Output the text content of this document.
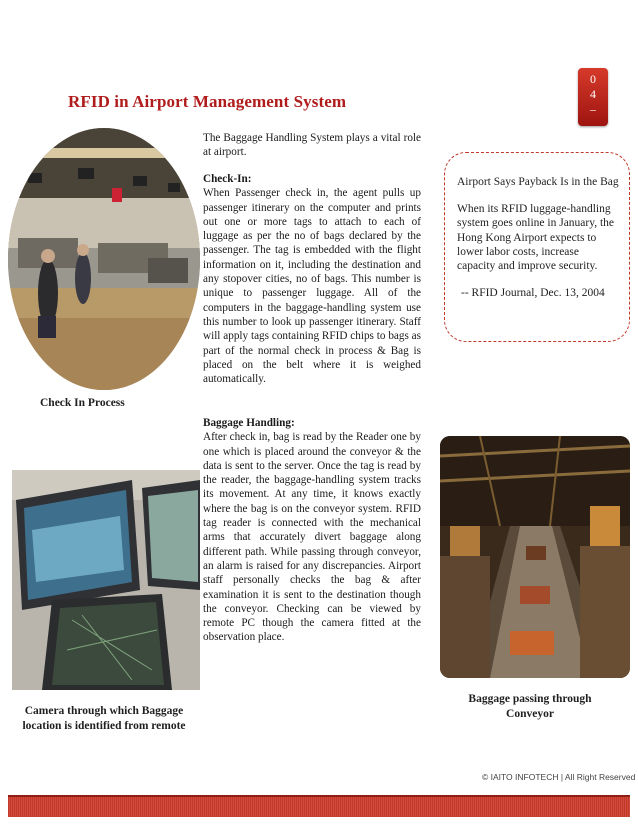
RFID in Airport Management System
0
4
–
Check In Process

The Baggage Handling System plays a vital role at airport.

Check-In:

When Passenger check in, the agent pulls up passenger itinerary on the computer and prints out one or more tags to attach to each of luggage as per the no of bags declared by the passenger. The tag is embedded with the flight information on it, including the destination and any stopover cities, no of bags. This number is unique to passenger luggage. All of the computers in the baggage-handling system use this number to look up passenger itinerary. Staff will apply tags containing RFID chips to bags as part of the normal check in process & Bag is placed on the belt where it is weighed automatically.

Baggage Handling:

After check in, bag is read by the Reader one by one which is placed around the conveyor & the data is sent to the server. Once the tag is read by the reader, the baggage-handling system tracks its movement. At any time, it knows exactly where the bag is on the conveyor system. RFID tag reader is connected with the mechanical arms that accurately divert baggage along different path. While passing through conveyor, an alarm is raised for any discrepancies. Airport staff personally checks the bag & after examination it is sent to the destination though the conveyor. Checking can be viewed by remote PC though the camera fitted at the observation place.

Airport Says Payback Is in the Bag

When its RFID luggage-handling system goes online in January, the Hong Kong Airport expects to lower labor costs, increase capacity and improve security.

-- RFID Journal, Dec. 13, 2004

Camera through which Baggage location is identified from remote
Baggage passing through Conveyor
© IAITO INFOTECH | All Right Reserved
